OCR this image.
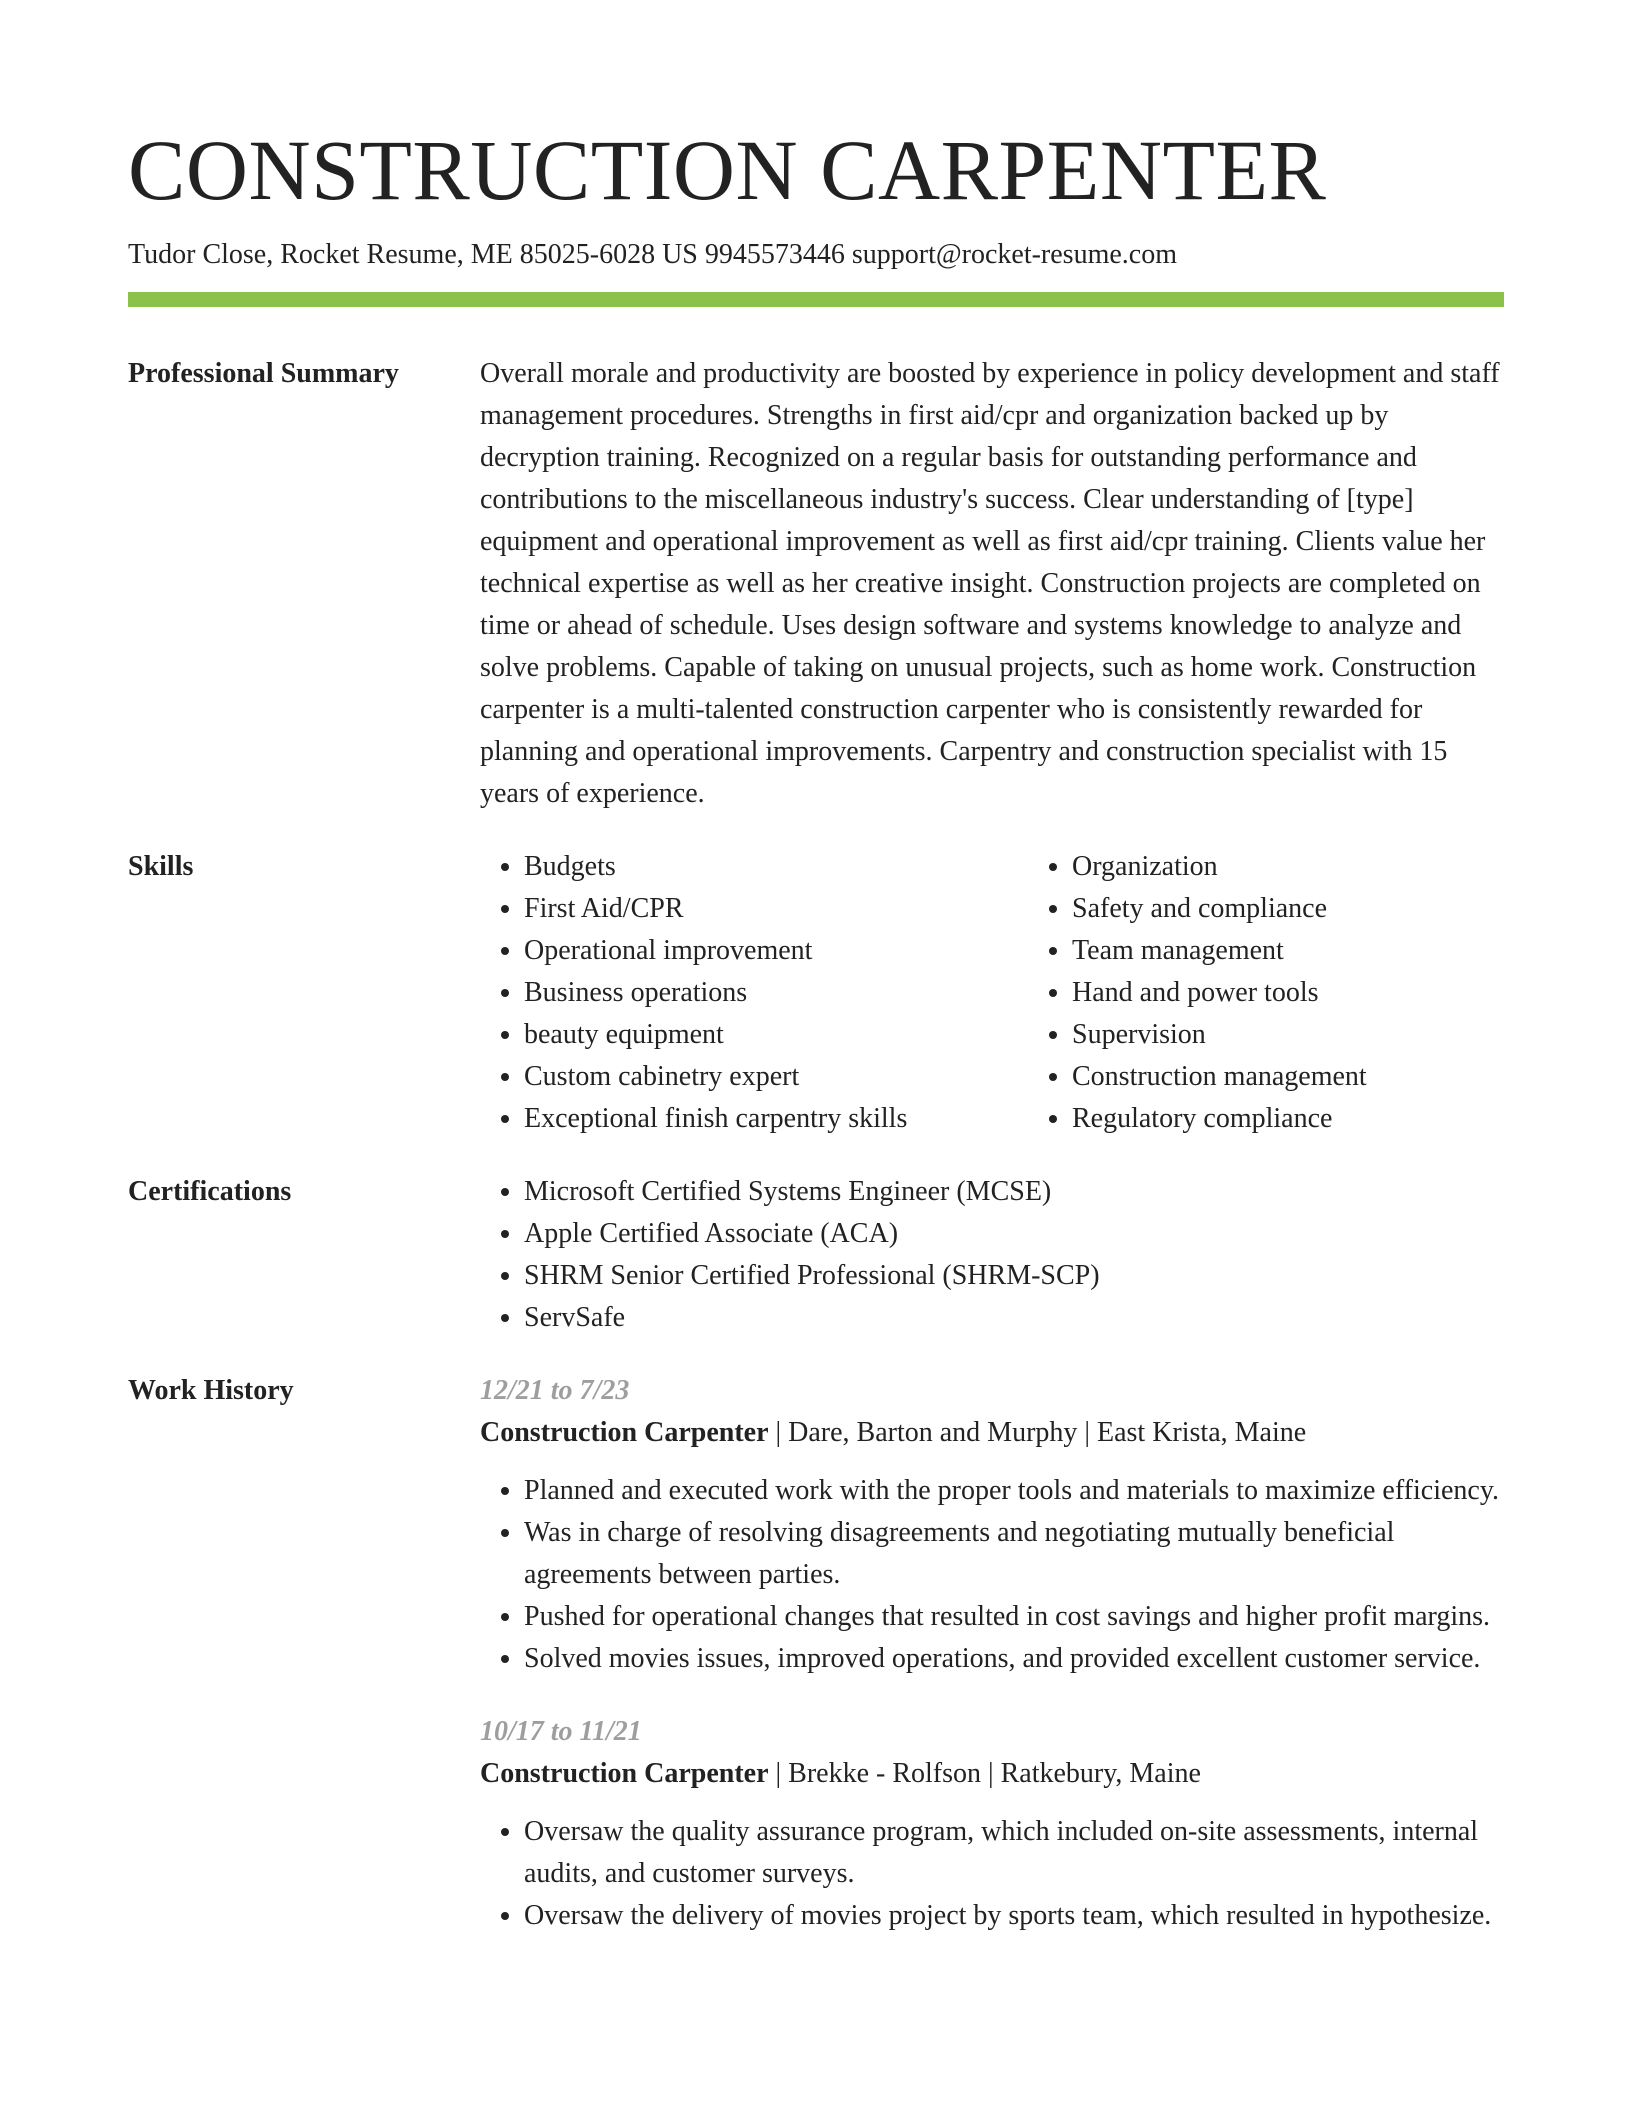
CONSTRUCTION CARPENTER
Tudor Close, Rocket Resume, ME 85025-6028 US 9945573446 support@rocket-resume.com
Professional Summary	Overall morale and productivity are boosted by experience in policy development and staff management procedures. Strengths in first aid/cpr and organization backed up by decryption training. Recognized on a regular basis for outstanding performance and contributions to the miscellaneous industry's success. Clear understanding of [type] equipment and operational improvement as well as first aid/cpr training. Clients value her technical expertise as well as her creative insight. Construction projects are completed on time or ahead of schedule. Uses design software and systems knowledge to analyze and solve problems. Capable of taking on unusual projects, such as home work. Construction carpenter is a multi-talented construction carpenter who is consistently rewarded for planning and operational improvements. Carpentry and construction specialist with 15 years of experience.

Skills	• Budgets
• First Aid/CPR
• Operational improvement
• Business operations
• beauty equipment
• Custom cabinetry expert
• Exceptional finish carpentry skills
• Organization
• Safety and compliance
• Team management
• Hand and power tools
• Supervision
• Construction management
• Regulatory compliance
Certifications	• Microsoft Certified Systems Engineer (MCSE)
• Apple Certified Associate (ACA)
• SHRM Senior Certified Professional (SHRM-SCP)
• ServSafe
Work History	12/21 to 7/23
Construction Carpenter | Dare, Barton and Murphy | East Krista, Maine
• Planned and executed work with the proper tools and materials to maximize efficiency.
• Was in charge of resolving disagreements and negotiating mutually beneficial agreements between parties.
• Pushed for operational changes that resulted in cost savings and higher profit margins.
• Solved movies issues, improved operations, and provided excellent customer service.
10/17 to 11/21
Construction Carpenter | Brekke - Rolfson | Ratkebury, Maine
• Oversaw the quality assurance program, which included on-site assessments, internal audits, and customer surveys.
• Oversaw the delivery of movies project by sports team, which resulted in hypothesize.
